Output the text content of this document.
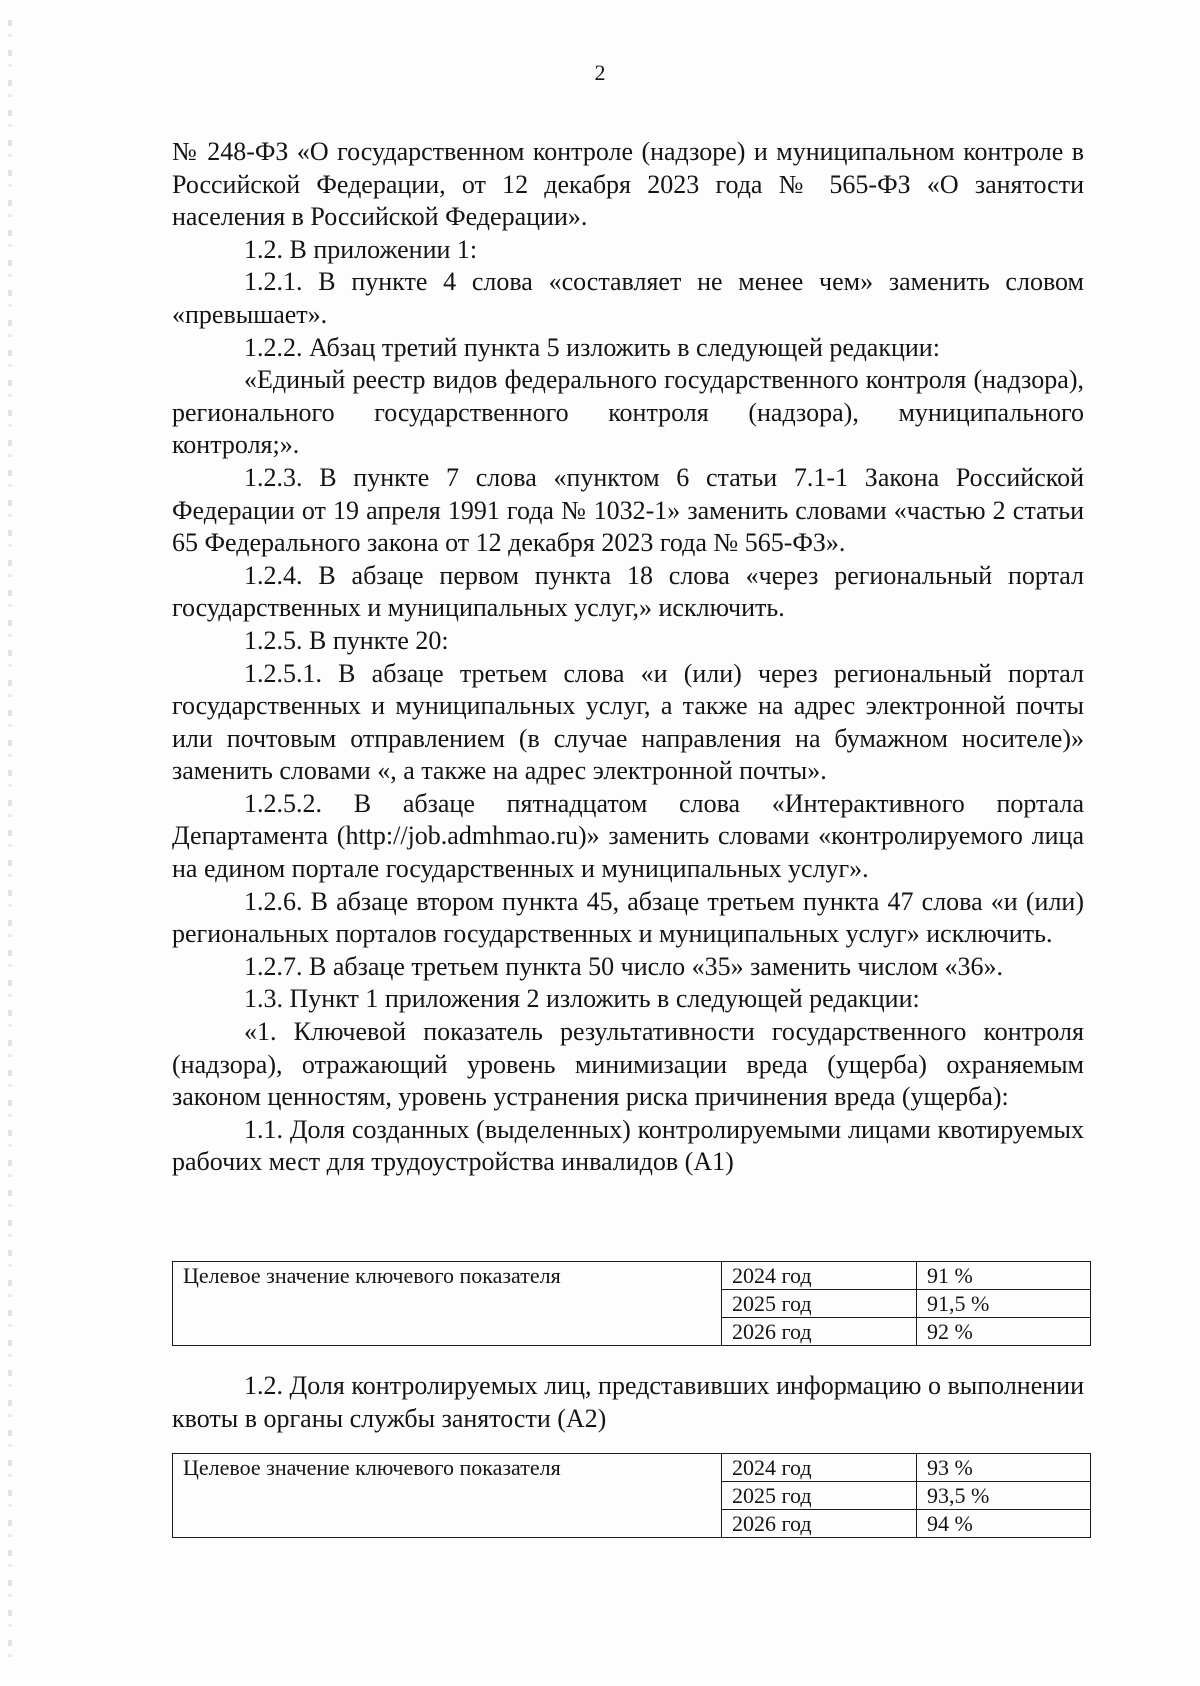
2

№ 248-ФЗ «О государственном контроле (надзоре) и муниципальном контроле в Российской Федерации, от 12 декабря 2023 года № 565-ФЗ «О занятости населения в Российской Федерации».

1.2. В приложении 1:

1.2.1. В пункте 4 слова «составляет не менее чем» заменить словом «превышает».

1.2.2. Абзац третий пункта 5 изложить в следующей редакции:

«Единый реестр видов федерального государственного контроля (надзора), регионального государственного контроля (надзора), муниципального контроля;».

1.2.3. В пункте 7 слова «пунктом 6 статьи 7.1-1 Закона Российской Федерации от 19 апреля 1991 года № 1032-1» заменить словами «частью 2 статьи 65 Федерального закона от 12 декабря 2023 года № 565-ФЗ».

1.2.4. В абзаце первом пункта 18 слова «через региональный портал государственных и муниципальных услуг,» исключить.

1.2.5. В пункте 20:

1.2.5.1. В абзаце третьем слова «и (или) через региональный портал государственных и муниципальных услуг, а также на адрес электронной почты или почтовым отправлением (в случае направления на бумажном носителе)» заменить словами «, а также на адрес электронной почты».

1.2.5.2. В абзаце пятнадцатом слова «Интерактивного портала Департамента (http://job.admhmao.ru)» заменить словами «контролируемого лица на едином портале государственных и муниципальных услуг».

1.2.6. В абзаце втором пункта 45, абзаце третьем пункта 47 слова «и (или) региональных порталов государственных и муниципальных услуг» исключить.

1.2.7. В абзаце третьем пункта 50 число «35» заменить числом «36».

1.3. Пункт 1 приложения 2 изложить в следующей редакции:

«1. Ключевой показатель результативности государственного контроля (надзора), отражающий уровень минимизации вреда (ущерба) охраняемым законом ценностям, уровень устранения риска причинения вреда (ущерба):

1.1. Доля созданных (выделенных) контролируемыми лицами квотируемых рабочих мест для трудоустройства инвалидов (А1)

Целевое значение ключевого показателя	2024 год	91 %
	2025 год	91,5 %
	2026 год	92 %

1.2. Доля контролируемых лиц, представивших информацию о выполнении квоты в органы службы занятости (А2)

Целевое значение ключевого показателя	2024 год	93 %
	2025 год	93,5 %
	2026 год	94 %
